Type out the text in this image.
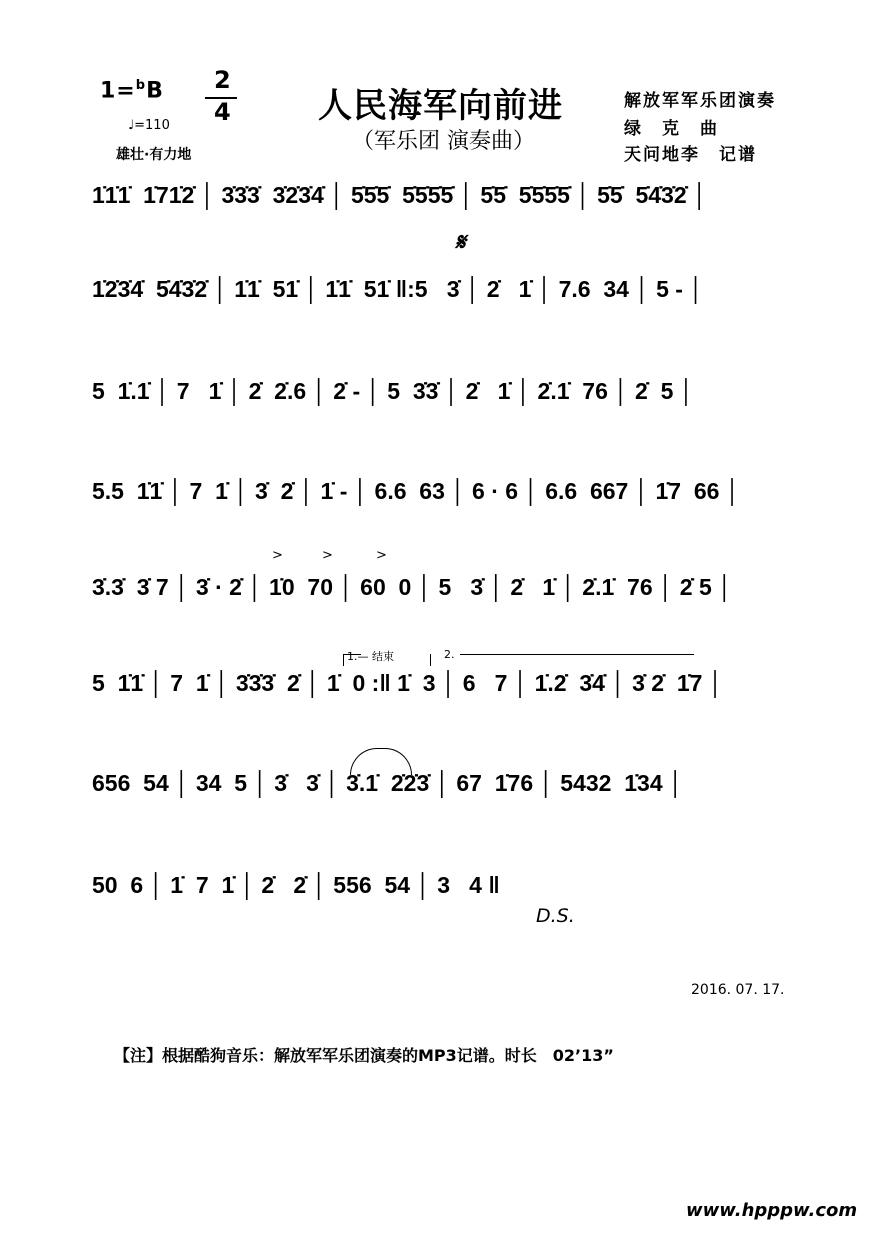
1=$^b$B 2
4
♩=110
雄壮·有力地
人民海军向前进
（军乐团 演奏曲）
解放军军乐团演奏
绿　克　曲
天问地李　记谱
1̇1̇1̇  1̇71̇2̇ │ 3̇3̇3̇  3̇2̇3̇4̇ │ 5̇5̇5̇  5̇5̇5̇5̇ │ 5̇5̇  5̇5̇5̇5̇ │ 5̇5̇  5̇4̇3̇2̇ │
𝄋
1̇2̇3̇4̇  5̇4̇3̇2̇ │ 1̇1̇  51̇ │ 1̇1̇  51̇ ‖:5   3̇ │ 2̇   1̇ │ 7.6  34 │ 5 - │
5  1̇.1̇ │ 7   1̇ │ 2̇  2̇.6 │ 2̇ - │ 5  3̇3̇ │ 2̇   1̇ │ 2̇.1̇  76 │ 2̇  5 │
5.5  1̇1̇ │ 7  1̇ │ 3̇  2̇ │ 1̇ - │ 6.6  63 │ 6 · 6 │ 6.6  667 │ 1̇7  66 │
>	>	>
3̇.3̇  3̇ 7 │ 3̇ · 2̇ │ 1̇0  70 │ 60  0 │ 5   3̇ │ 2̇   1̇ │ 2̇.1̇  76 │ 2̇ 5 │
1.— 结束	2.
5  1̇1̇ │ 7  1̇ │ 3̇3̇3̇  2̇ │ 1̇  0 :‖ 1̇  3 │ 6   7 │ 1̇.2̇  3̇4̇ │ 3̇ 2̇  1̇7 │
656  54 │ 34  5 │ 3̇   3̇ │ 3̇.1̇  2̇2̇3̇ │ 67  1̇76 │ 5432  1̇34 │
50  6 │ 1̇  7  1̇ │ 2̇   2̇ │ 556  54 │ 3   4 ‖
D.S.
2016. 07. 17.
【注】根据酷狗音乐：解放军军乐团演奏的MP3记谱。时长　02’13”
www.hpppw.com
